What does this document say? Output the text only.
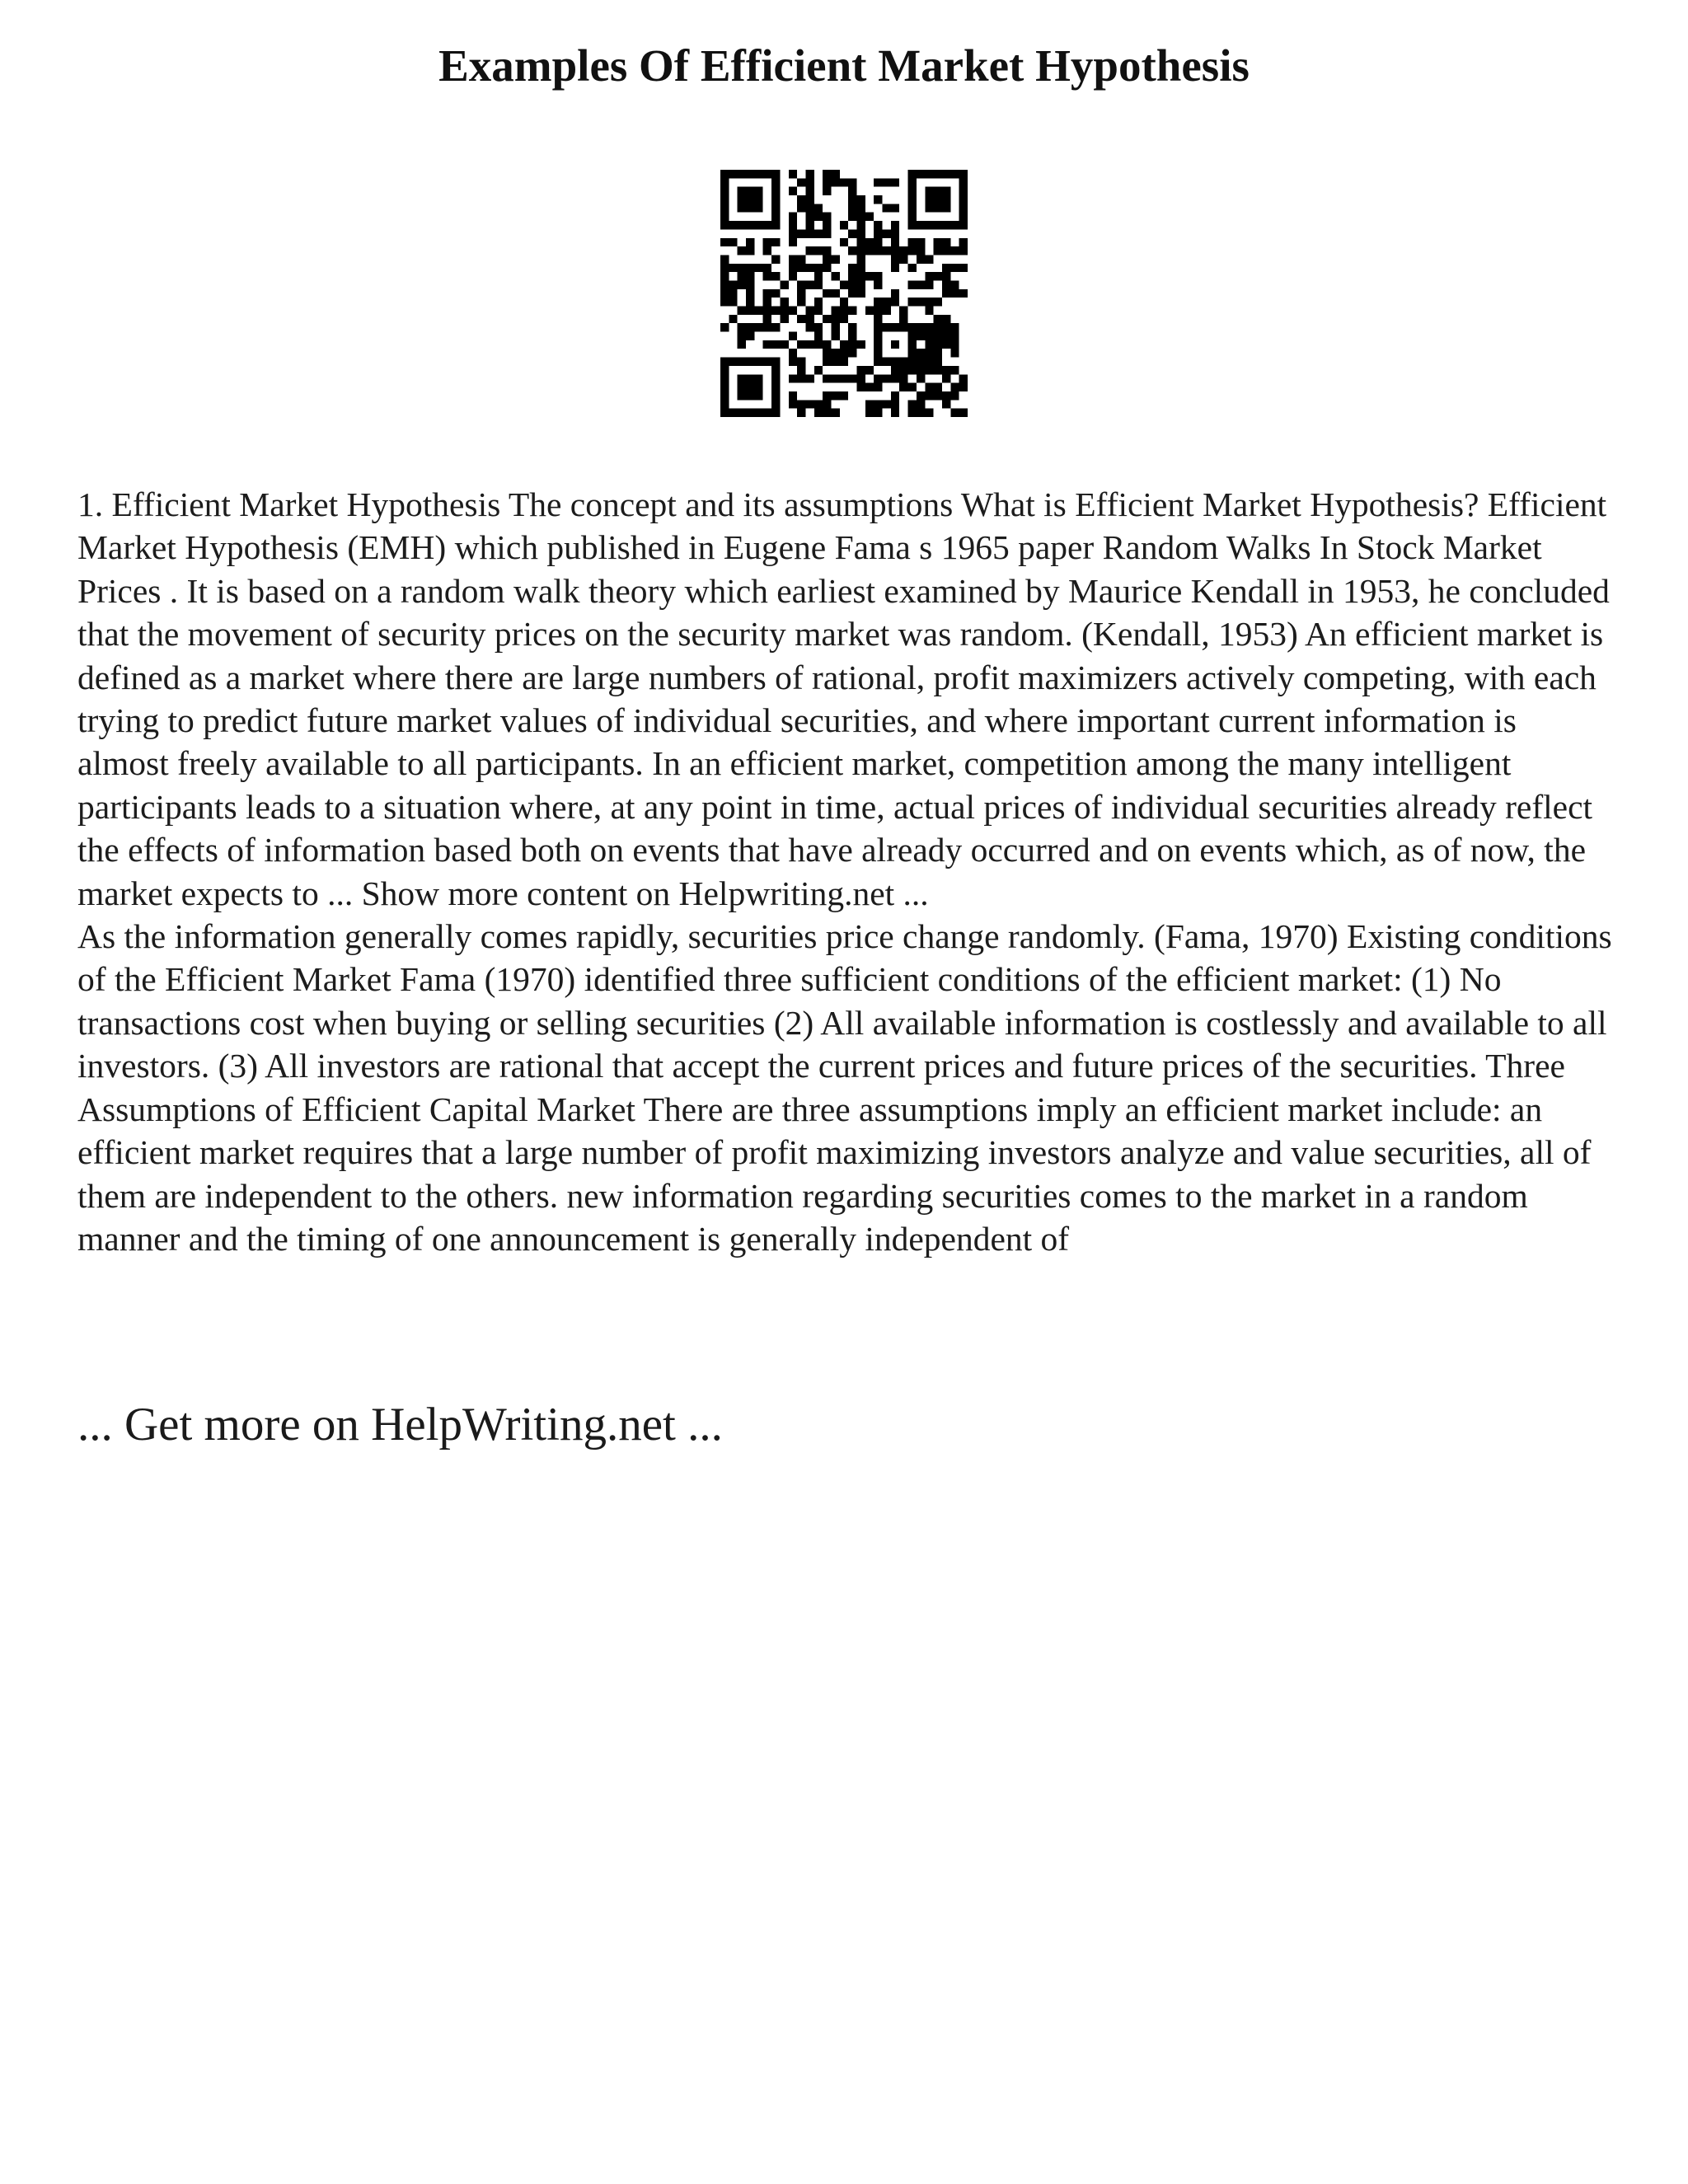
Examples Of Efficient Market Hypothesis

1. Efficient Market Hypothesis The concept and its assumptions What is Efficient Market Hypothesis? Efficient Market Hypothesis (EMH) which published in Eugene Fama s 1965 paper Random Walks In Stock Market Prices . It is based on a random walk theory which earliest examined by Maurice Kendall in 1953, he concluded that the movement of security prices on the security market was random. (Kendall, 1953) An efficient market is defined as a market where there are large numbers of rational, profit maximizers actively competing, with each trying to predict future market values of individual securities, and where important current information is almost freely available to all participants. In an efficient market, competition among the many intelligent participants leads to a situation where, at any point in time, actual prices of individual securities already reflect the effects of information based both on events that have already occurred and on events which, as of now, the market expects to ... Show more content on Helpwriting.net ...

As the information generally comes rapidly, securities price change randomly. (Fama, 1970) Existing conditions of the Efficient Market Fama (1970) identified three sufficient conditions of the efficient market: (1) No transactions cost when buying or selling securities (2) All available information is costlessly and available to all investors. (3) All investors are rational that accept the current prices and future prices of the securities. Three Assumptions of Efficient Capital Market There are three assumptions imply an efficient market include: an efficient market requires that a large number of profit maximizing investors analyze and value securities, all of them are independent to the others. new information regarding securities comes to the market in a random manner and the timing of one announcement is generally independent of

... Get more on HelpWriting.net ...
